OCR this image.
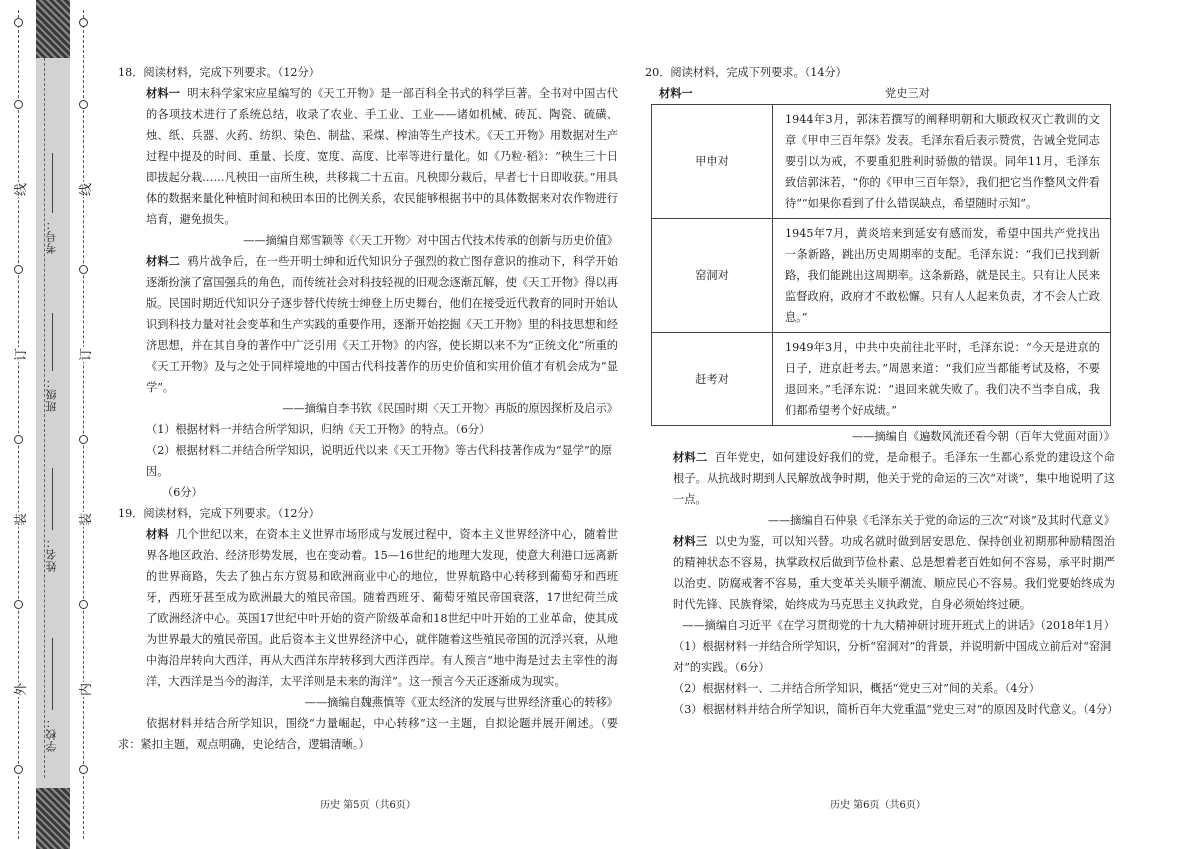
外
装
订
线
内
装
订
线
学校：
姓名：
班级：
考号：

18．阅读材料，完成下列要求。（12分）

材料一 明末科学家宋应星编写的《天工开物》是一部百科全书式的科学巨著。全书对中国古代的各项技术进行了系统总结，收录了农业、手工业、工业——诸如机械、砖瓦、陶瓷、硫磺、烛、纸、兵器、火药、纺织、染色、制盐、采煤、榨油等生产技术。《天工开物》用数据对生产过程中提及的时间、重量、长度、宽度、高度、比率等进行量化。如《乃粒·稻》：“秧生三十日即拔起分栽……凡秧田一亩所生秧，共移栽二十五亩。凡秧即分栽后，早者七十日即收获。”用具体的数据来量化种植时间和秧田本田的比例关系，农民能够根据书中的具体数据来对农作物进行培育，避免损失。

——摘编自郑雪颖等《〈天工开物〉对中国古代技术传承的创新与历史价值》

材料二 鸦片战争后，在一些开明士绅和近代知识分子强烈的救亡图存意识的推动下，科学开始逐渐扮演了富国强兵的角色，而传统社会对科技轻视的旧观念逐渐瓦解，使《天工开物》得以再版。民国时期近代知识分子逐步替代传统士绅登上历史舞台，他们在接受近代教育的同时开始认识到科技力量对社会变革和生产实践的重要作用，逐渐开始挖掘《天工开物》里的科技思想和经济思想，并在其自身的著作中广泛引用《天工开物》的内容，使长期以来不为“正统文化”所重的《天工开物》及与之处于同样境地的中国古代科技著作的历史价值和实用价值才有机会成为“显学”。

——摘编自李书钦《民国时期〈天工开物〉再版的原因探析及启示》

（1）根据材料一并结合所学知识，归纳《天工开物》的特点。（6分）

（2）根据材料二并结合所学知识，说明近代以来《天工开物》等古代科技著作成为“显学”的原因。

（6分）

19．阅读材料，完成下列要求。（12分）

材料 几个世纪以来，在资本主义世界市场形成与发展过程中，资本主义世界经济中心，随着世界各地区政治、经济形势发展，也在变动着。15—16世纪的地理大发现，使意大利港口远离新的世界商路，失去了独占东方贸易和欧洲商业中心的地位，世界航路中心转移到葡萄牙和西班牙，西班牙甚至成为欧洲最大的殖民帝国。随着西班牙、葡萄牙殖民帝国衰落，17世纪荷兰成了欧洲经济中心。英国17世纪中叶开始的资产阶级革命和18世纪中叶开始的工业革命，使其成为世界最大的殖民帝国。此后资本主义世界经济中心，就伴随着这些殖民帝国的沉浮兴衰，从地中海沿岸转向大西洋，再从大西洋东岸转移到大西洋西岸。有人预言“地中海是过去主宰性的海洋，大西洋是当今的海洋，太平洋则是未来的海洋”。这一预言今天正逐渐成为现实。

——摘编自魏燕慎等《亚太经济的发展与世界经济重心的转移》

依据材料并结合所学知识，围绕“力量崛起，中心转移”这一主题，自拟论题并展开阐述。（要求：紧扣主题，观点明确，史论结合，逻辑清晰。）

20．阅读材料，完成下列要求。（14分）

材料一	党史三对
甲申对	1944年3月，郭沫若撰写的阐释明朝和大顺政权灭亡教训的文章《甲申三百年祭》发表。毛泽东看后表示赞赏，告诫全党同志要引以为戒，不要重犯胜利时骄傲的错误。同年11月，毛泽东致信郭沫若，“你的《甲申三百年祭》，我们把它当作整风文件看待”“如果你看到了什么错误缺点，希望随时示知”。
窑洞对	1945年7月，黄炎培来到延安有感而发，希望中国共产党找出一条新路，跳出历史周期率的支配。毛泽东说：“我们已找到新路，我们能跳出这周期率。这条新路，就是民主。只有让人民来监督政府，政府才不敢松懈。只有人人起来负责，才不会人亡政息。”
赶考对	1949年3月，中共中央前往北平时，毛泽东说：“今天是进京的日子，进京赶考去。”周恩来道：“我们应当都能考试及格，不要退回来。”毛泽东说：“退回来就失败了。我们决不当李自成，我们都希望考个好成绩。”

——摘编自《遍数风流还看今朝（百年大党面对面）》

材料二 百年党史，如何建设好我们的党，是命根子。毛泽东一生都心系党的建设这个命根子。从抗战时期到人民解放战争时期，他关于党的命运的三次“对谈”，集中地说明了这一点。

——摘编自石仲泉《毛泽东关于党的命运的三次“对谈”及其时代意义》

材料三 以史为鉴，可以知兴替。功成名就时做到居安思危、保持创业初期那种励精图治的精神状态不容易，执掌政权后做到节俭朴素、总是想着老百姓如何不容易，承平时期严以治吏、防腐戒奢不容易，重大变革关头顺乎潮流、顺应民心不容易。我们党要始终成为时代先锋、民族脊梁，始终成为马克思主义执政党，自身必须始终过硬。

——摘编自习近平《在学习贯彻党的十九大精神研讨班开班式上的讲话》（2018年1月）

（1）根据材料一并结合所学知识，分析“窑洞对”的背景，并说明新中国成立前后对“窑洞对”的实践。（6分）

（2）根据材料一、二并结合所学知识，概括“党史三对”间的关系。（4分）

（3）根据材料并结合所学知识，简析百年大党重温“党史三对”的原因及时代意义。（4分）

历史 第5页（共6页）	历史 第6页（共6页）
